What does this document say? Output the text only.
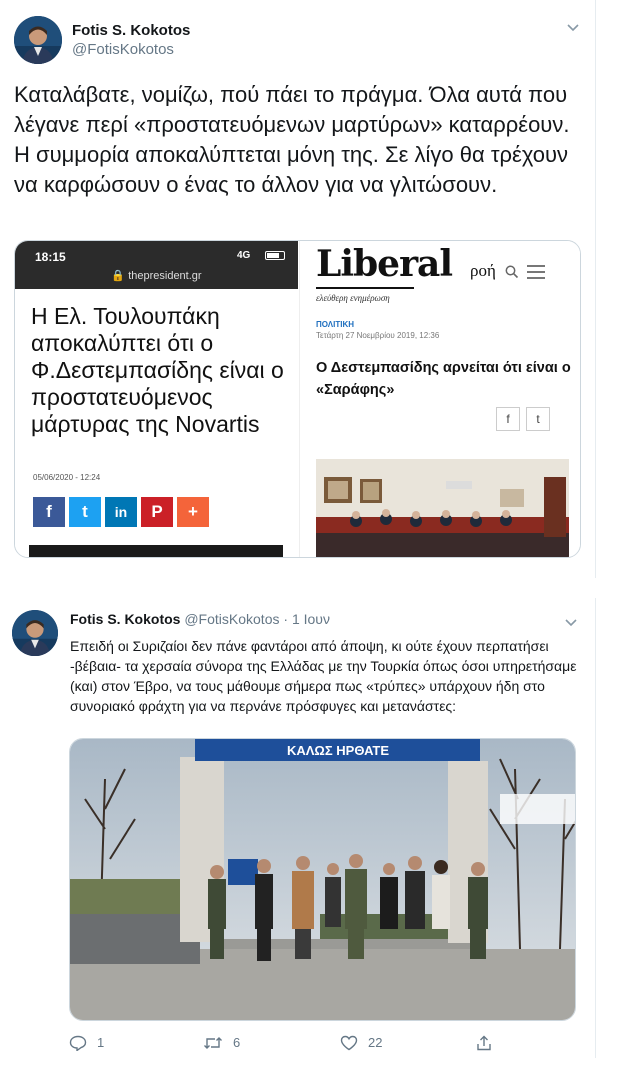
Fotis S. Kokotos
@FotisKokotos
Καταλάβατε, νομίζω, πού πάει το πράγμα. Όλα αυτά που λέγανε περί «προστατευόμενων μαρτύρων» καταρρέουν. Η συμμορία αποκαλύπτεται μόνη της. Σε λίγο θα τρέχουν να καρφώσουν ο ένας το άλλον για να γλιτώσουν.
18:15	4G
🔒 thepresident.gr
Η Ελ. Τουλουπάκη αποκαλύπτει ότι ο Φ.Δεστεμπασίδης είναι ο προστατευόμενος μάρτυρας της Novartis
05/06/2020 - 12:24
f	t	in	P	+
Liberal
ελεύθερη ενημέρωση
ροή
ΠΟΛΙΤΙΚΗ
Τετάρτη 27 Νοεμβρίου 2019, 12:36
Ο Δεστεμπασίδης αρνείται ότι είναι ο «Σαράφης»
f	t
Fotis S. Kokotos @FotisKokotos · 1 Ιουν
Επειδή οι Συριζαίοι δεν πάνε φαντάροι από άποψη, κι ούτε έχουν περπατήσει -βέβαια- τα χερσαία σύνορα της Ελλάδας με την Τουρκία όπως όσοι υπηρετήσαμε (και) στον Έβρο, να τους μάθουμε σήμερα πως «τρύπες» υπάρχουν ήδη στο συνοριακό φράχτη για να περνάνε πρόσφυγες και μετανάστες:
ΚΑΛΩΣ ΗΡΘΑΤΕ
1	6	22
